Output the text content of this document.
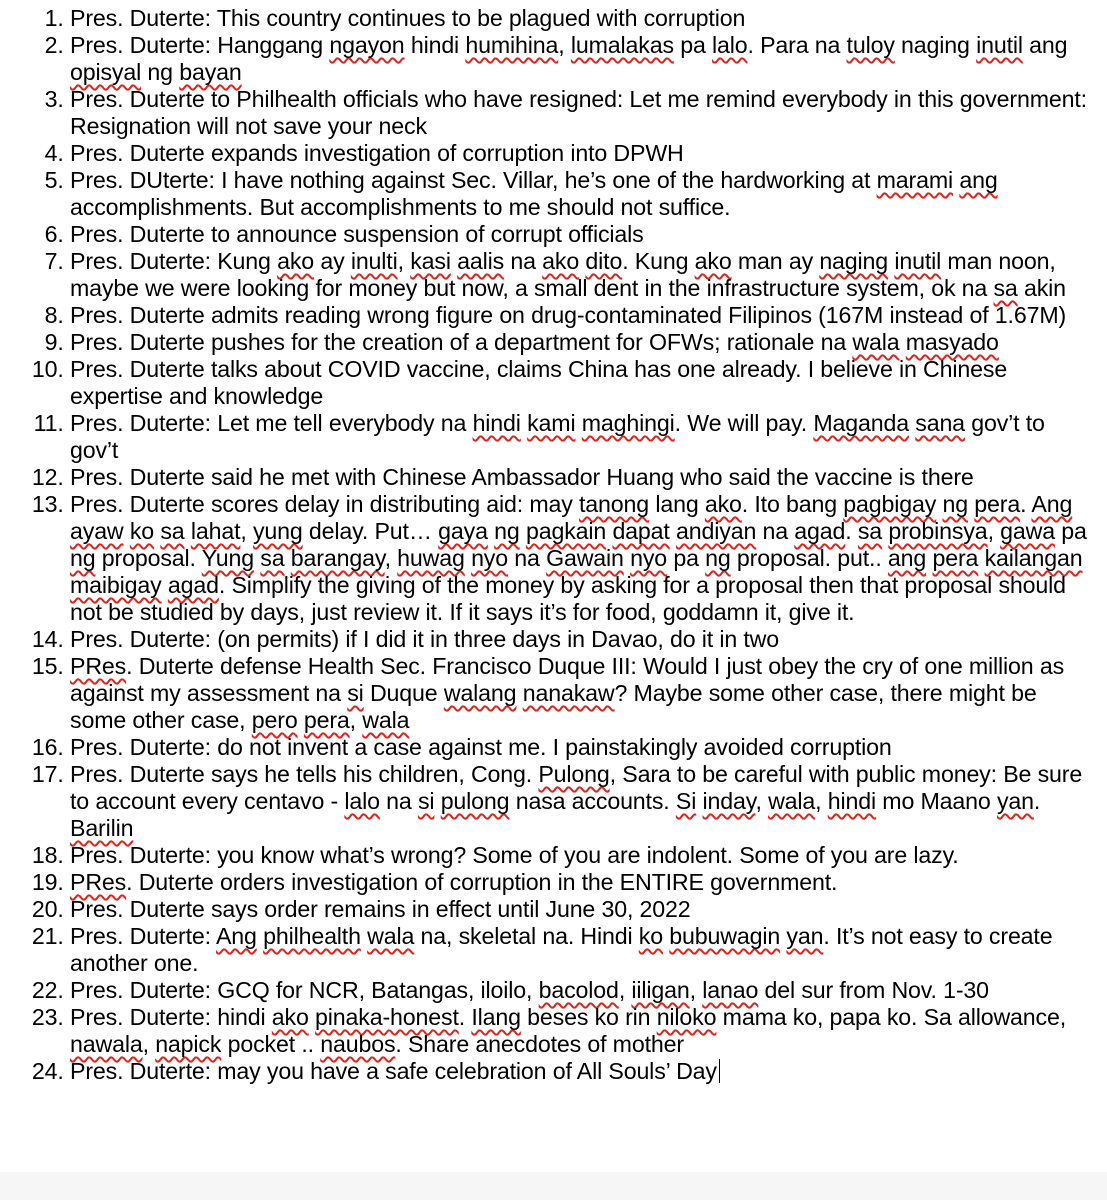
1. Pres. Duterte: This country continues to be plagued with corruption
2. Pres. Duterte: Hanggang ngayon hindi humihina, lumalakas pa lalo. Para na tuloy naging inutil ang opisyal ng bayan
3. Pres. Duterte to Philhealth officials who have resigned: Let me remind everybody in this government: Resignation will not save your neck
4. Pres. Duterte expands investigation of corruption into DPWH
5. Pres. DUterte: I have nothing against Sec. Villar, he’s one of the hardworking at marami ang accomplishments. But accomplishments to me should not suffice.
6. Pres. Duterte to announce suspension of corrupt officials
7. Pres. Duterte: Kung ako ay inulti, kasi aalis na ako dito. Kung ako man ay naging inutil man noon, maybe we were looking for money but now, a small dent in the infrastructure system, ok na sa akin
8. Pres. Duterte admits reading wrong figure on drug-contaminated Filipinos (167M instead of 1.67M)
9. Pres. Duterte pushes for the creation of a department for OFWs; rationale na wala masyado
10. Pres. Duterte talks about COVID vaccine, claims China has one already. I believe in Chinese expertise and knowledge
11. Pres. Duterte: Let me tell everybody na hindi kami maghingi. We will pay. Maganda sana gov’t to gov’t
12. Pres. Duterte said he met with Chinese Ambassador Huang who said the vaccine is there
13. Pres. Duterte scores delay in distributing aid: may tanong lang ako. Ito bang pagbigay ng pera. Ang ayaw ko sa lahat, yung delay. Put… gaya ng pagkain dapat andiyan na agad. sa probinsya, gawa pa ng proposal. Yung sa barangay, huwag nyo na Gawain nyo pa ng proposal. put.. ang pera kailangan maibigay agad. Simplify the giving of the money by asking for a proposal then that proposal should not be studied by days, just review it. If it says it’s for food, goddamn it, give it.
14. Pres. Duterte: (on permits) if I did it in three days in Davao, do it in two
15. PRes. Duterte defense Health Sec. Francisco Duque III: Would I just obey the cry of one million as against my assessment na si Duque walang nanakaw? Maybe some other case, there might be some other case, pero pera, wala
16. Pres. Duterte: do not invent a case against me. I painstakingly avoided corruption
17. Pres. Duterte says he tells his children, Cong. Pulong, Sara to be careful with public money: Be sure to account every centavo - lalo na si pulong nasa accounts. Si inday, wala, hindi mo Maano yan. Barilin
18. Pres. Duterte: you know what’s wrong? Some of you are indolent. Some of you are lazy.
19. PRes. Duterte orders investigation of corruption in the ENTIRE government.
20. Pres. Duterte says order remains in effect until June 30, 2022
21. Pres. Duterte: Ang philhealth wala na, skeletal na. Hindi ko bubuwagin yan. It’s not easy to create another one.
22. Pres. Duterte: GCQ for NCR, Batangas, iloilo, bacolod, iiligan, lanao del sur from Nov. 1-30
23. Pres. Duterte: hindi ako pinaka-honest. Ilang beses ko rin niloko mama ko, papa ko. Sa allowance, nawala, napick pocket .. naubos. Share anecdotes of mother
24. Pres. Duterte: may you have a safe celebration of All Souls’ Day
